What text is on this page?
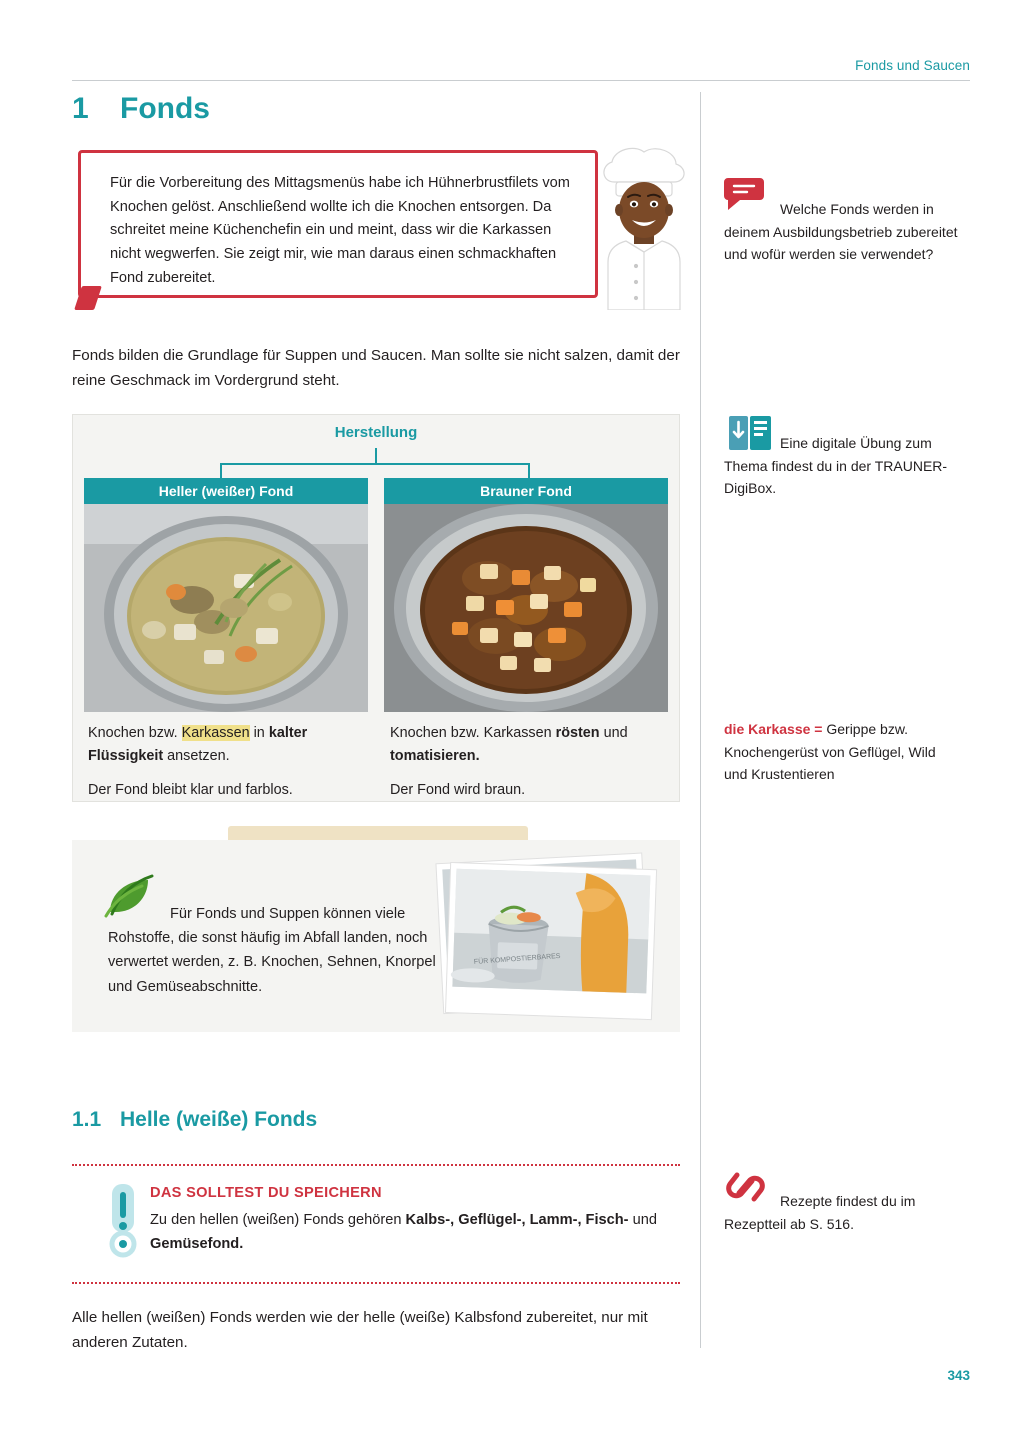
Fonds und Saucen
1 Fonds
Für die Vorbereitung des Mittagsmenüs habe ich Hühnerbrustfilets vom Knochen gelöst. Anschließend wollte ich die Knochen entsorgen. Da schreitet meine Küchenchefin ein und meint, dass wir die Karkassen nicht wegwerfen. Sie zeigt mir, wie man daraus einen schmackhaften Fond zubereitet.
Fonds bilden die Grundlage für Suppen und Saucen. Man sollte sie nicht salzen, damit der reine Geschmack im Vordergrund steht.
Herstellung
Heller (weißer) Fond	Brauner Fond
Knochen bzw. Karkassen in kalter Flüssigkeit ansetzen.
Der Fond bleibt klar und farblos.
Knochen bzw. Karkassen rösten und tomatisieren.
Der Fond wird braun.
Für Fonds und Suppen können viele Rohstoffe, die sonst häufig im Abfall landen, noch verwertet werden, z. B. Knochen, Sehnen, Knorpel und Gemüseabschnitte.
FÜR KOMPOSTIERBARES
1.1 Helle (weiße) Fonds
DAS SOLLTEST DU SPEICHERN
Zu den hellen (weißen) Fonds gehören Kalbs-, Geflügel-, Lamm-, Fisch- und Gemüsefond.
Alle hellen (weißen) Fonds werden wie der helle (weiße) Kalbsfond zubereitet, nur mit anderen Zutaten.
Welche Fonds werden in deinem Ausbildungsbetrieb zubereitet und wofür werden sie verwendet?
Eine digitale Übung zum Thema findest du in der TRAUNER-DigiBox.
die Karkasse = Gerippe bzw. Knochengerüst von Geflügel, Wild und Krustentieren
Rezepte findest du im Rezeptteil ab S. 516.
343
